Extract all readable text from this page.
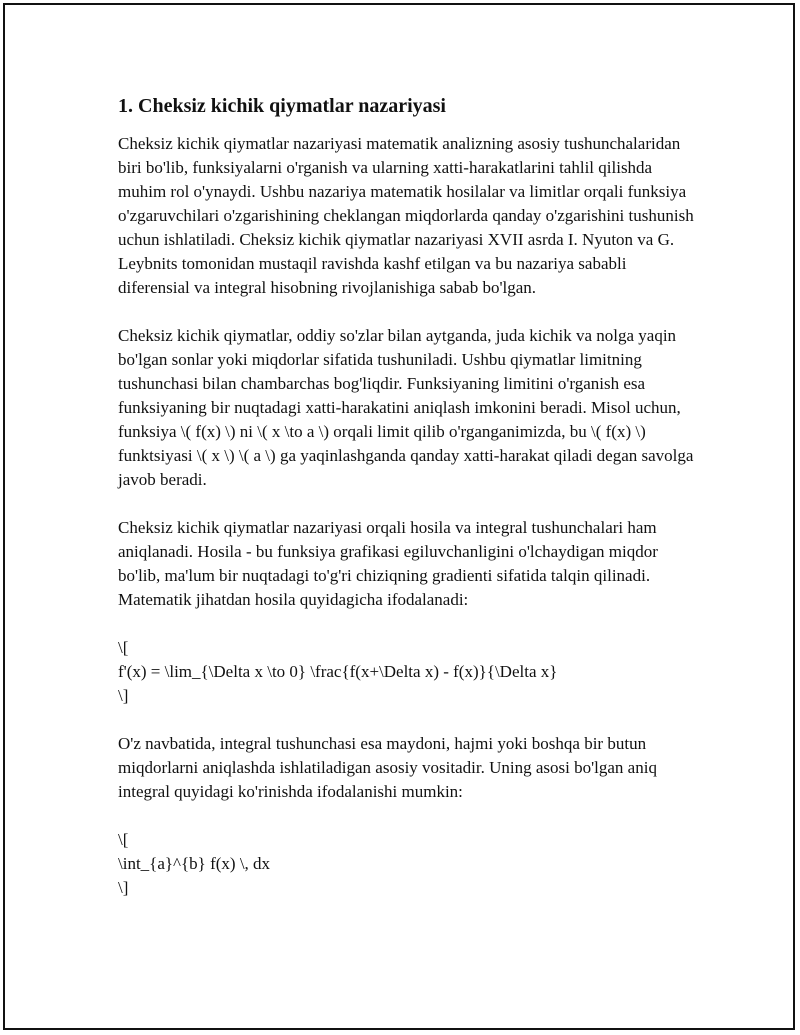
1. Cheksiz kichik qiymatlar nazariyasi

Cheksiz kichik qiymatlar nazariyasi matematik analizning asosiy tushunchalaridan biri bo'lib, funksiyalarni o'rganish va ularning xatti-harakatlarini tahlil qilishda muhim rol o'ynaydi. Ushbu nazariya matematik hosilalar va limitlar orqali funksiya o'zgaruvchilari o'zgarishining cheklangan miqdorlarda qanday o'zgarishini tushunish uchun ishlatiladi. Cheksiz kichik qiymatlar nazariyasi XVII asrda I. Nyuton va G. Leybnits tomonidan mustaqil ravishda kashf etilgan va bu nazariya sababli diferensial va integral hisobning rivojlanishiga sabab bo'lgan.

Cheksiz kichik qiymatlar, oddiy so'zlar bilan aytganda, juda kichik va nolga yaqin bo'lgan sonlar yoki miqdorlar sifatida tushuniladi. Ushbu qiymatlar limitning tushunchasi bilan chambarchas bog'liqdir. Funksiyaning limitini o'rganish esa funksiyaning bir nuqtadagi xatti-harakatini aniqlash imkonini beradi. Misol uchun, funksiya \( f(x) \) ni \( x \to a \) orqali limit qilib o'rganganimizda, bu \( f(x) \) funktsiyasi \( x \) \( a \) ga yaqinlashganda qanday xatti-harakat qiladi degan savolga javob beradi.

Cheksiz kichik qiymatlar nazariyasi orqali hosila va integral tushunchalari ham aniqlanadi. Hosila - bu funksiya grafikasi egiluvchanligini o'lchaydigan miqdor bo'lib, ma'lum bir nuqtadagi to'g'ri chiziqning gradienti sifatida talqin qilinadi. Matematik jihatdan hosila quyidagicha ifodalanadi:

\[
f'(x) = \lim_{\Delta x \to 0} \frac{f(x+\Delta x) - f(x)}{\Delta x}
\]

O'z navbatida, integral tushunchasi esa maydoni, hajmi yoki boshqa bir butun miqdorlarni aniqlashda ishlatiladigan asosiy vositadir. Uning asosi bo'lgan aniq integral quyidagi ko'rinishda ifodalanishi mumkin:

\[
\int_{a}^{b} f(x) \, dx
\]
